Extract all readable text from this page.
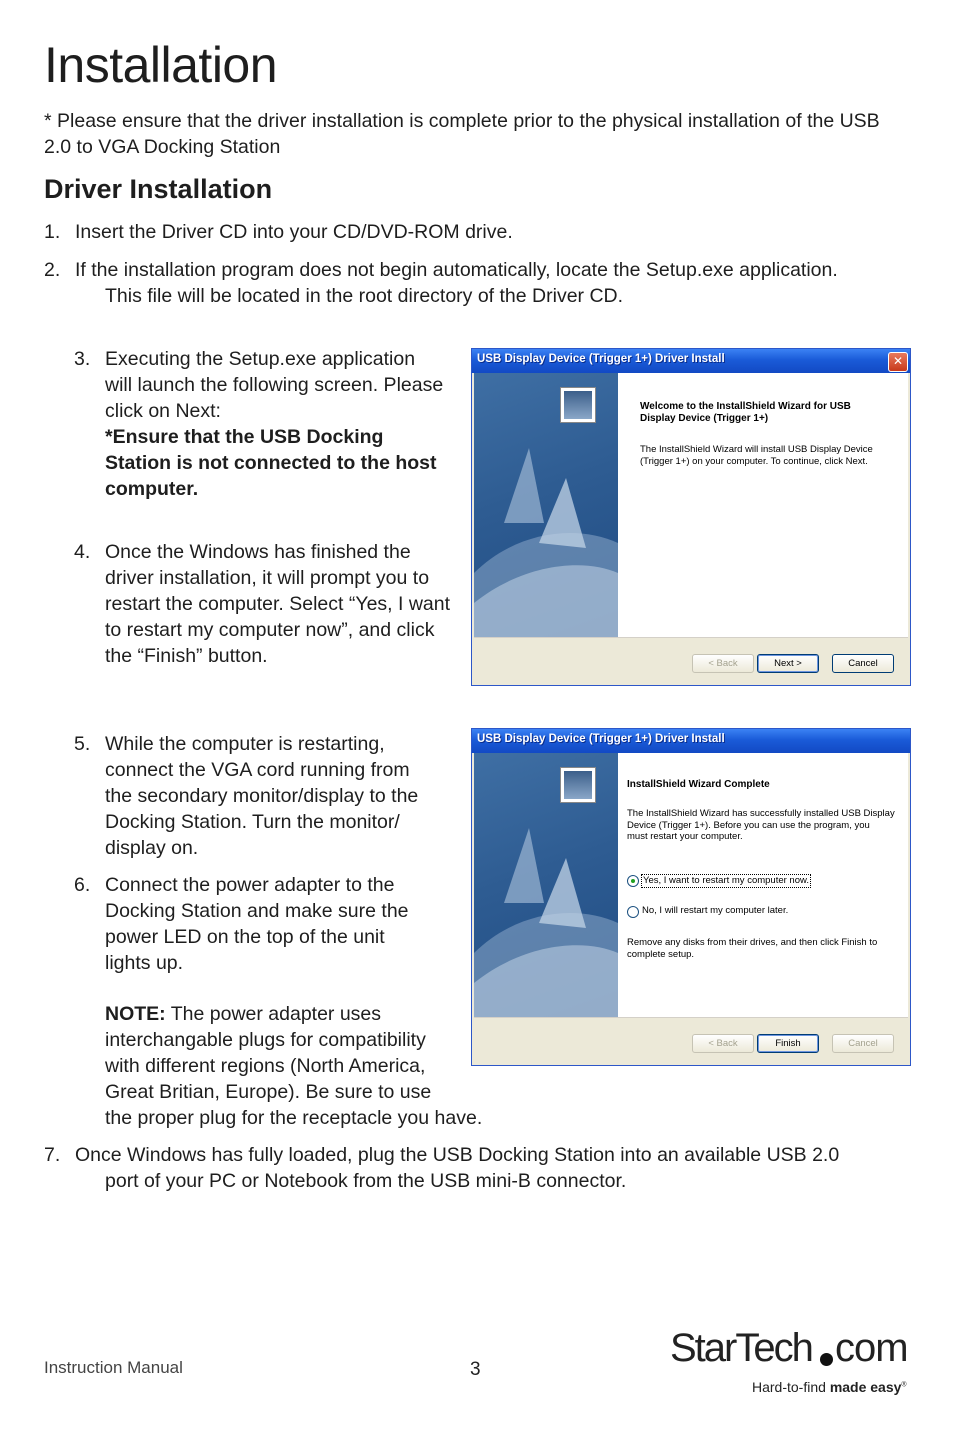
Installation
* Please ensure that the driver installation is complete prior to the physical installation of the USB
2.0 to VGA Docking Station
Driver Installation
1. Insert the Driver CD into your CD/DVD-ROM drive.
2. If the installation program does not begin automatically, locate the Setup.exe application.
This file will be located in the root directory of the Driver CD.
3. Executing the Setup.exe application
will launch the following screen. Please
click on Next:
*Ensure that the USB Docking
Station is not connected to the host
computer.
4. Once the Windows has finished the
driver installation, it will prompt you to
restart the computer. Select “Yes, I want
to restart my computer now”, and click
the “Finish” button.
5. While the computer is restarting,
connect the VGA cord running from
the secondary monitor/display to the
Docking Station. Turn the monitor/
display on.
6. Connect the power adapter to the
Docking Station and make sure the
power LED on the top of the unit
lights up.
NOTE: The power adapter uses
interchangable plugs for compatibility
with different regions (North America,
Great Britian, Europe). Be sure to use
the proper plug for the receptacle you have.
7. Once Windows has fully loaded, plug the USB Docking Station into an available USB 2.0
port of your PC or Notebook from the USB mini-B connector.
USB Display Device (Trigger 1+) Driver Install	✕
Welcome to the InstallShield Wizard for USB
Display Device (Trigger 1+)
The InstallShield Wizard will install USB Display Device
(Trigger 1+) on your computer. To continue, click Next.
< Back	Next >	Cancel
USB Display Device (Trigger 1+) Driver Install
InstallShield Wizard Complete
The InstallShield Wizard has successfully installed USB Display
Device (Trigger 1+). Before you can use the program, you
must restart your computer.
Yes, I want to restart my computer now.
No, I will restart my computer later.
Remove any disks from their drives, and then click Finish to
complete setup.
< Back	Finish	Cancel
Instruction Manual	3	StarTech com
Hard-to-find made easy®
